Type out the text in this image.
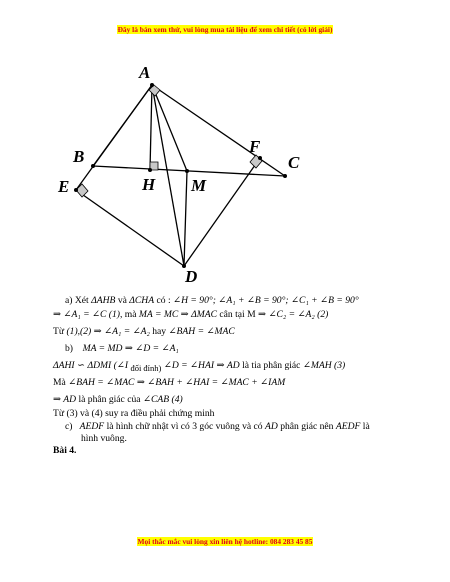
Đây là bản xem thử, vui lòng mua tài liệu để xem chi tiết (có lời giải)
A
B	C
D
E
F
H M
a) Xét ΔAHB và ΔCHA có : ∠H = 90°; ∠A₁ + ∠B = 90°; ∠C₁ + ∠B = 90°
⇒ ∠A₁ = ∠C (1), mà MA = MC ⇒ ΔMAC cân tại M ⇒ ∠C₂ = ∠A₂ (2)
Từ (1),(2) ⇒ ∠A₁ = ∠A₂ hay ∠BAH = ∠MAC
b) MA = MD ⇒ ∠D = ∠A₁
ΔAHI ∽ ΔDMI (∠I đối đỉnh) ∠D = ∠HAI ⇒ AD là tia phân giác ∠MAH (3)
Mà ∠BAH = ∠MAC ⇒ ∠BAH + ∠HAI = ∠MAC + ∠IAM
⇒ AD là phân giác của ∠CAB (4)
Từ (3) và (4) suy ra điều phải chứng minh
c) AEDF là hình chữ nhật vì có 3 góc vuông và có AD phân giác nên AEDF là
hình vuông.
Bài 4.
Mọi thắc mắc vui lòng xin liên hệ hotline: 084 283 45 85
